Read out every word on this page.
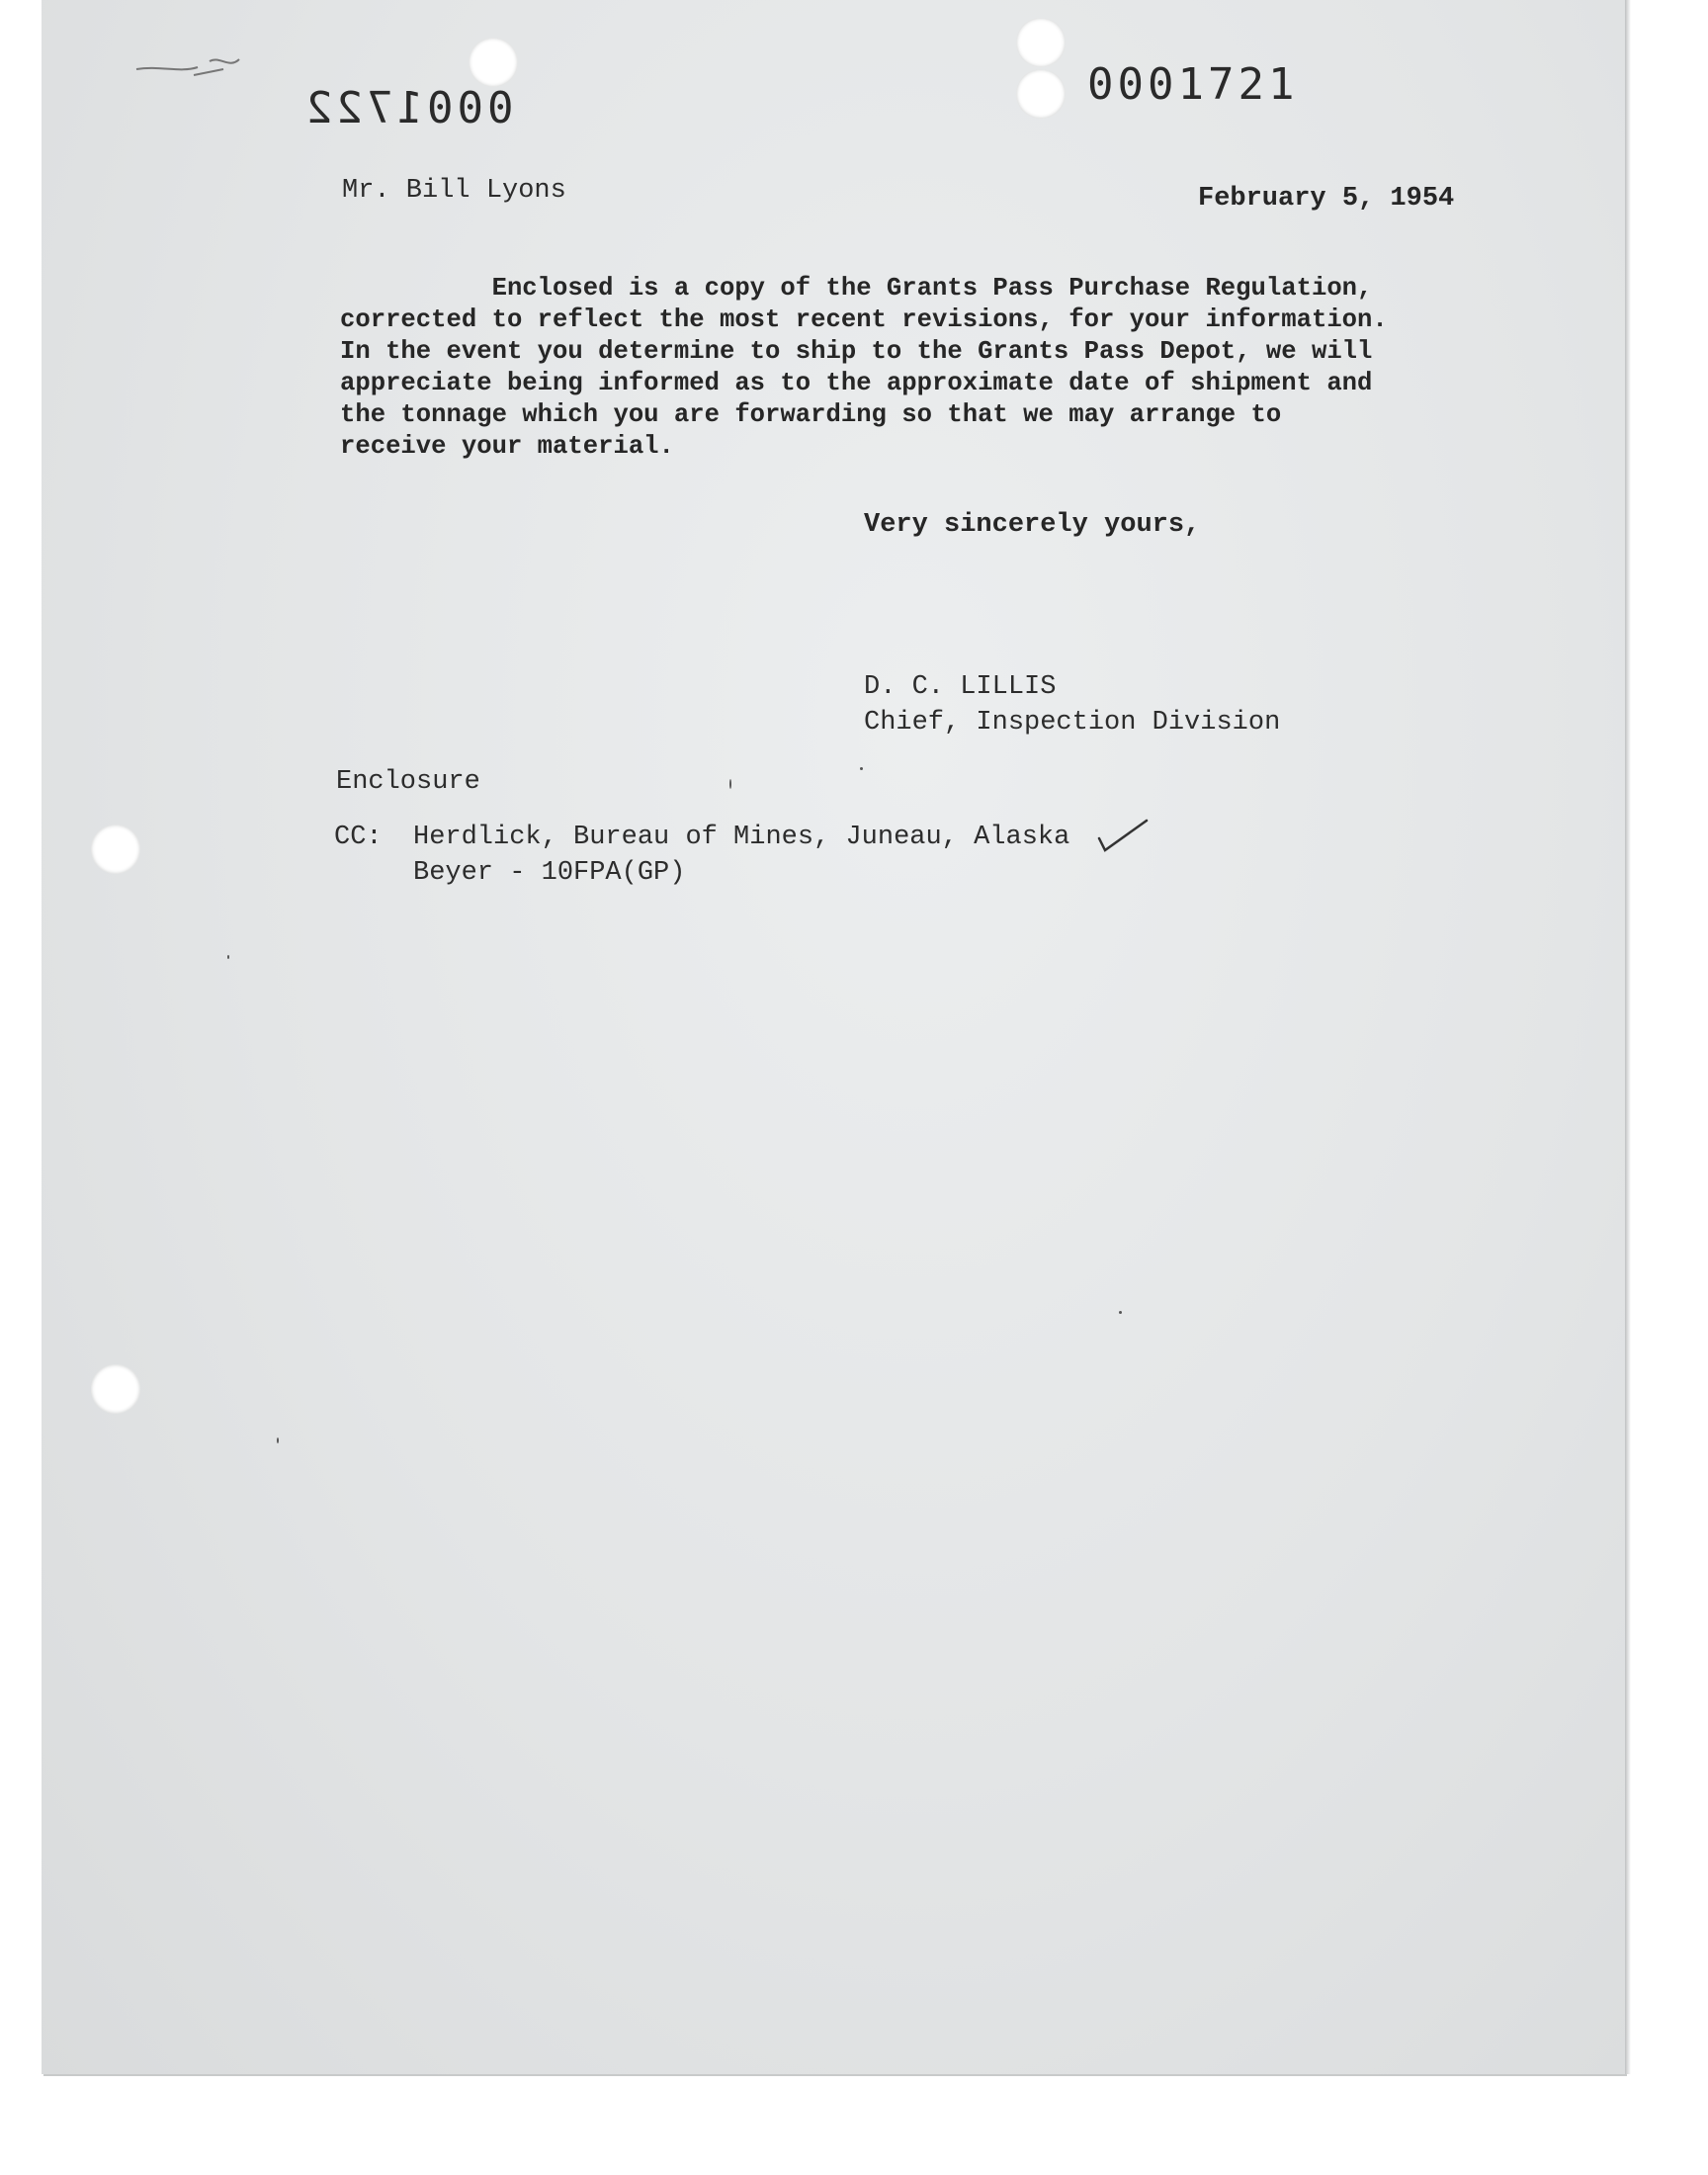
0001722	0001721
Mr. Bill Lyons	February 5, 1954
Enclosed is a copy of the Grants Pass Purchase Regulation,
corrected to reflect the most recent revisions, for your information.
In the event you determine to ship to the Grants Pass Depot, we will
appreciate being informed as to the approximate date of shipment and
the tonnage which you are forwarding so that we may arrange to
receive your material.
Very sincerely yours,
D. C. LILLIS
Chief, Inspection Division
Enclosure
CC: Herdlick, Bureau of Mines, Juneau, Alaska
Beyer - 10FPA(GP)
